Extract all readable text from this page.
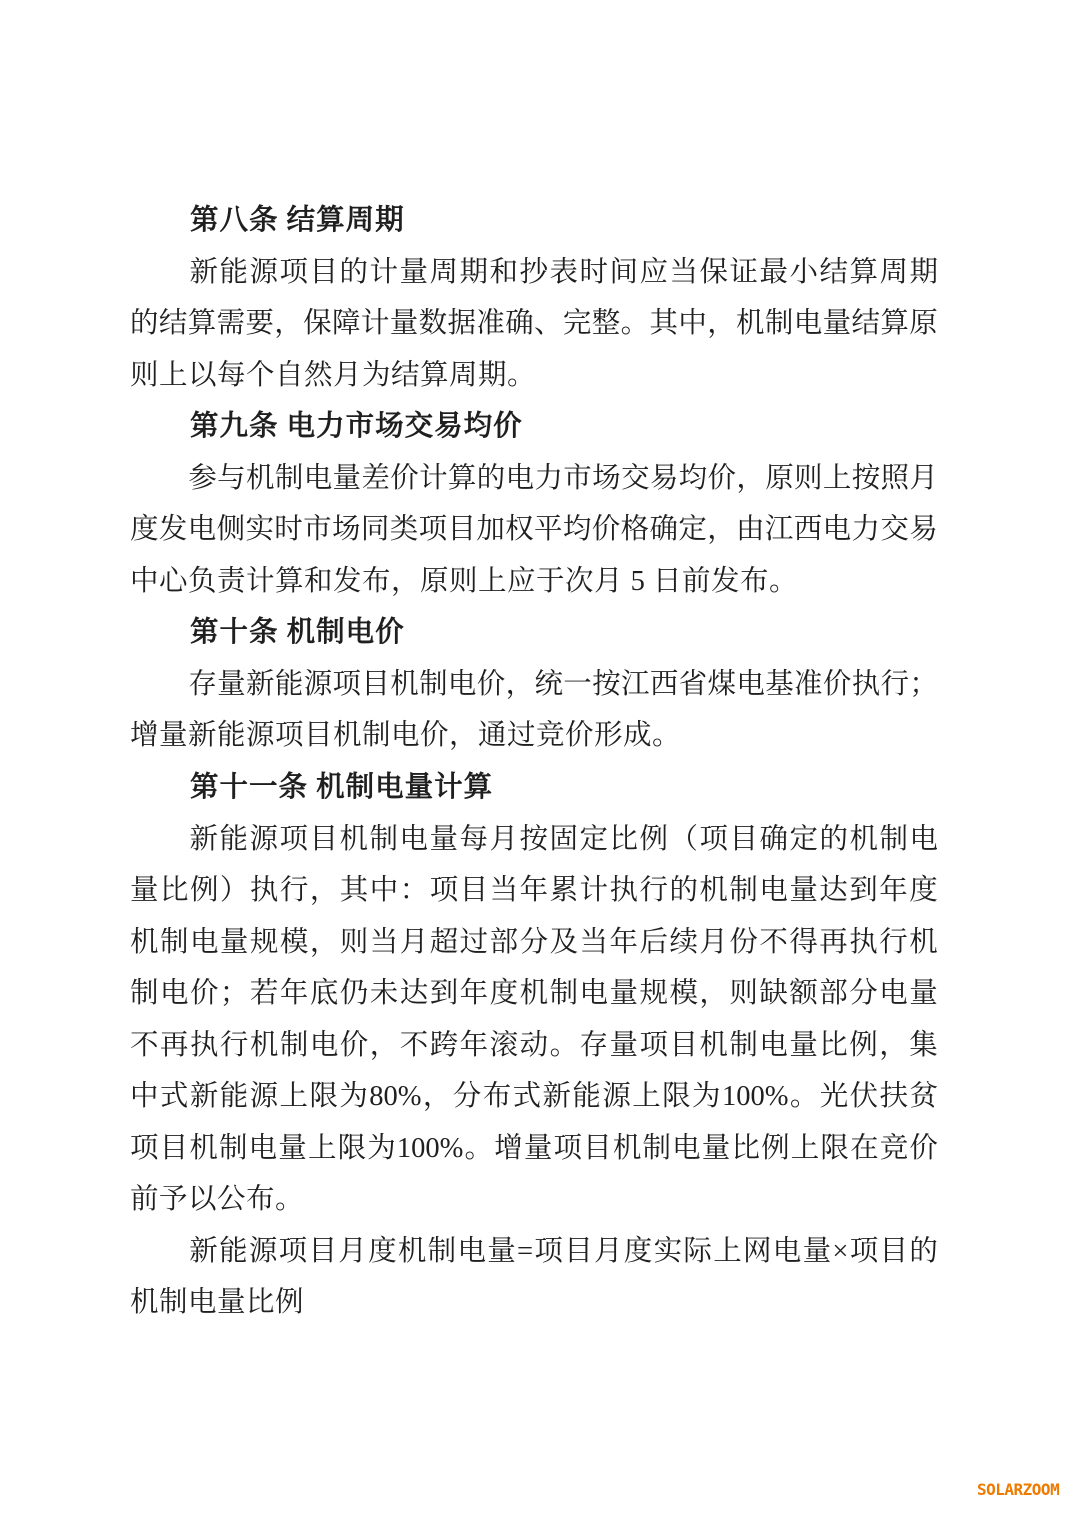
第八条 结算周期
新 能 源 项 目 的 计 量 周 期 和 抄 表 时 间 应 当 保 证 最 小 结 算 周 期
的 结 算 需 要 ， 保 障 计 量 数 据 准 确 、 完 整 。 其 中 ， 机 制 电 量 结 算 原
则上以每个自然月为结算周期。
第九条 电力市场交易均价
参 与 机 制 电 量 差 价 计 算 的 电 力 市 场 交 易 均 价 ， 原 则 上 按 照 月
度 发 电 侧 实 时 市 场 同 类 项 目 加 权 平 均 价 格 确 定 ， 由 江 西 电 力 交 易
中心负责计算和发布，原则上应于次月 5 日前发布。
第十条 机制电价
存 量 新 能 源 项 目 机 制 电 价 ， 统 一 按 江 西 省 煤 电 基 准 价 执 行 ；
增量新能源项目机制电价，通过竞价形成。
第十一条 机制电量计算
新 能 源 项 目 机 制 电 量 每 月 按 固 定 比 例 （ 项 目 确 定 的 机 制 电
量 比 例 ） 执 行 ， 其 中 ： 项 目 当 年 累 计 执 行 的 机 制 电 量 达 到 年 度
机 制 电 量 规 模 ， 则 当 月 超 过 部 分 及 当 年 后 续 月 份 不 得 再 执 行 机
制 电 价 ； 若 年 底 仍 未 达 到 年 度 机 制 电 量 规 模 ， 则 缺 额 部 分 电 量
不 再 执 行 机 制 电 价 ， 不 跨 年 滚 动 。 存 量 项 目 机 制 电 量 比 例 ， 集
中 式 新 能 源 上 限 为 80% ， 分 布 式 新 能 源 上 限 为 100% 。 光 伏 扶 贫
项 目 机 制 电 量 上 限 为 100% 。 增 量 项 目 机 制 电 量 比 例 上 限 在 竞 价
前予以公布。
新 能 源 项 目 月 度 机 制 电 量 = 项 目 月 度 实 际 上 网 电 量 × 项 目 的
机制电量比例
SOLARZOOM
